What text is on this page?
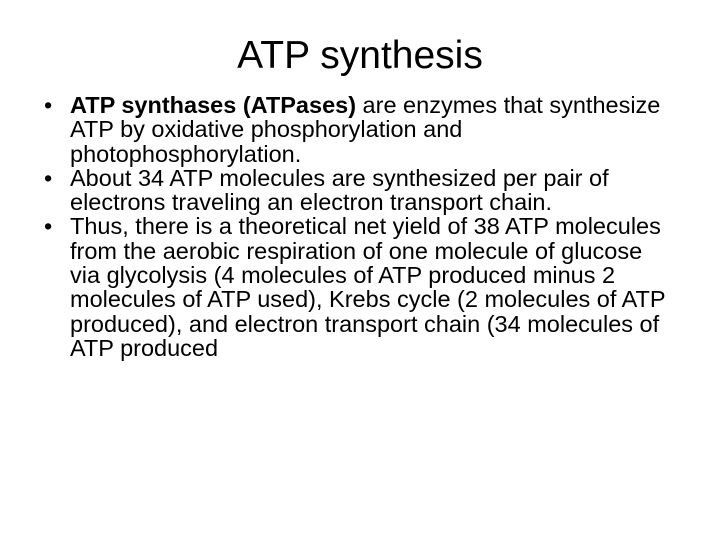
ATP synthesis
• ATP synthases (ATPases) are enzymes that synthesize ATP by oxidative phosphorylation and photophosphorylation.
• About 34 ATP molecules are synthesized per pair of electrons traveling an electron transport chain.
• Thus, there is a theoretical net yield of 38 ATP molecules from the aerobic respiration of one molecule of glucose via glycolysis (4 molecules of ATP produced minus 2 molecules of ATP used), Krebs cycle (2 molecules of ATP produced), and electron transport chain (34 molecules of ATP produced
